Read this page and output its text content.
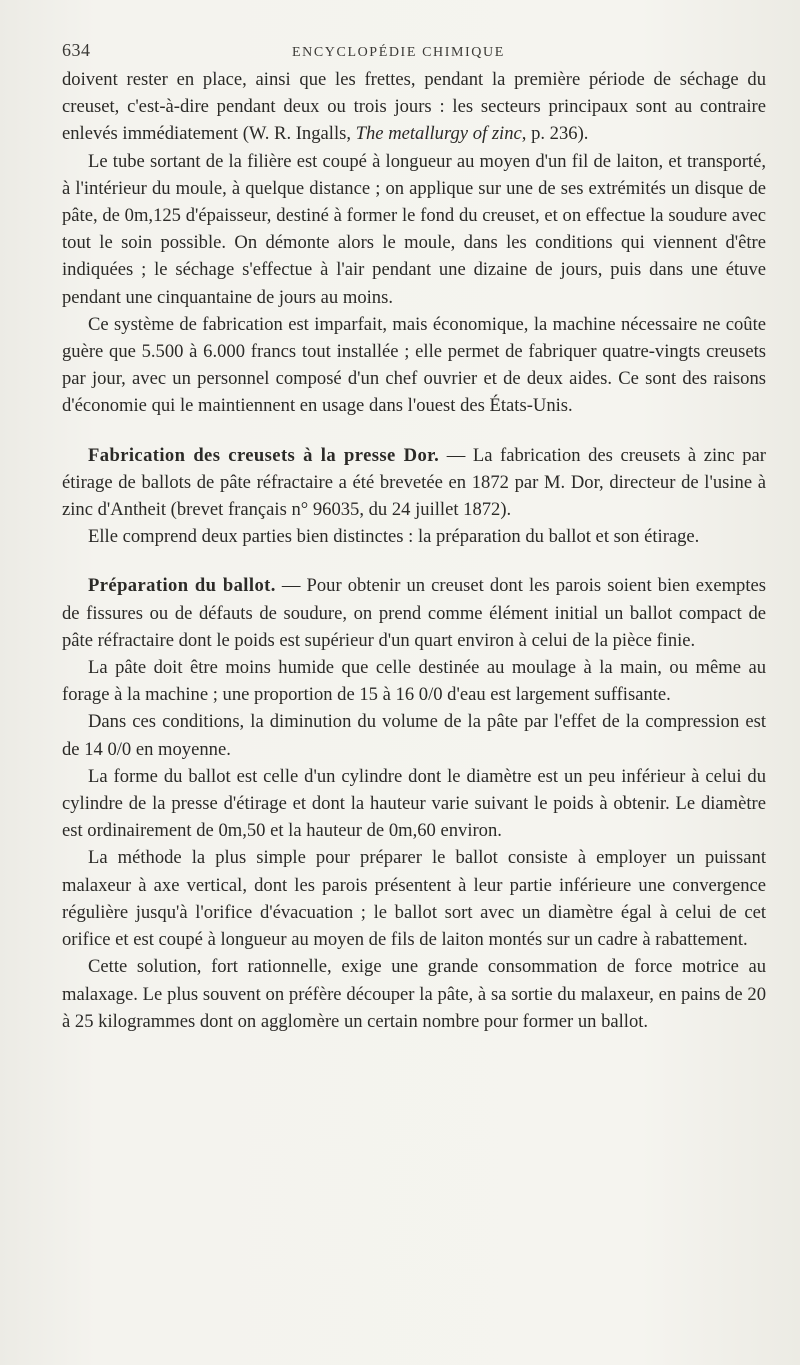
634	ENCYCLOPÉDIE CHIMIQUE

doivent rester en place, ainsi que les frettes, pendant la première période de séchage du creuset, c'est-à-dire pendant deux ou trois jours : les secteurs principaux sont au contraire enlevés immédiatement (W. R. Ingalls, The metallurgy of zinc, p. 236).

Le tube sortant de la filière est coupé à longueur au moyen d'un fil de laiton, et transporté, à l'intérieur du moule, à quelque distance ; on applique sur une de ses extrémités un disque de pâte, de 0m,125 d'épaisseur, destiné à former le fond du creuset, et on effectue la soudure avec tout le soin possible. On démonte alors le moule, dans les conditions qui viennent d'être indiquées ; le séchage s'effectue à l'air pendant une dizaine de jours, puis dans une étuve pendant une cinquantaine de jours au moins.

Ce système de fabrication est imparfait, mais économique, la machine nécessaire ne coûte guère que 5.500 à 6.000 francs tout installée ; elle permet de fabriquer quatre-vingts creusets par jour, avec un personnel composé d'un chef ouvrier et de deux aides. Ce sont des raisons d'économie qui le maintiennent en usage dans l'ouest des États-Unis.

Fabrication des creusets à la presse Dor. — La fabrication des creusets à zinc par étirage de ballots de pâte réfractaire a été brevetée en 1872 par M. Dor, directeur de l'usine à zinc d'Antheit (brevet français n° 96035, du 24 juillet 1872).

Elle comprend deux parties bien distinctes : la préparation du ballot et son étirage.

Préparation du ballot. — Pour obtenir un creuset dont les parois soient bien exemptes de fissures ou de défauts de soudure, on prend comme élément initial un ballot compact de pâte réfractaire dont le poids est supérieur d'un quart environ à celui de la pièce finie.

La pâte doit être moins humide que celle destinée au moulage à la main, ou même au forage à la machine ; une proportion de 15 à 16 0/0 d'eau est largement suffisante.

Dans ces conditions, la diminution du volume de la pâte par l'effet de la compression est de 14 0/0 en moyenne.

La forme du ballot est celle d'un cylindre dont le diamètre est un peu inférieur à celui du cylindre de la presse d'étirage et dont la hauteur varie suivant le poids à obtenir. Le diamètre est ordinairement de 0m,50 et la hauteur de 0m,60 environ.

La méthode la plus simple pour préparer le ballot consiste à employer un puissant malaxeur à axe vertical, dont les parois présentent à leur partie inférieure une convergence régulière jusqu'à l'orifice d'évacuation ; le ballot sort avec un diamètre égal à celui de cet orifice et est coupé à longueur au moyen de fils de laiton montés sur un cadre à rabattement.

Cette solution, fort rationnelle, exige une grande consommation de force motrice au malaxage. Le plus souvent on préfère découper la pâte, à sa sortie du malaxeur, en pains de 20 à 25 kilogrammes dont on agglomère un certain nombre pour former un ballot.
